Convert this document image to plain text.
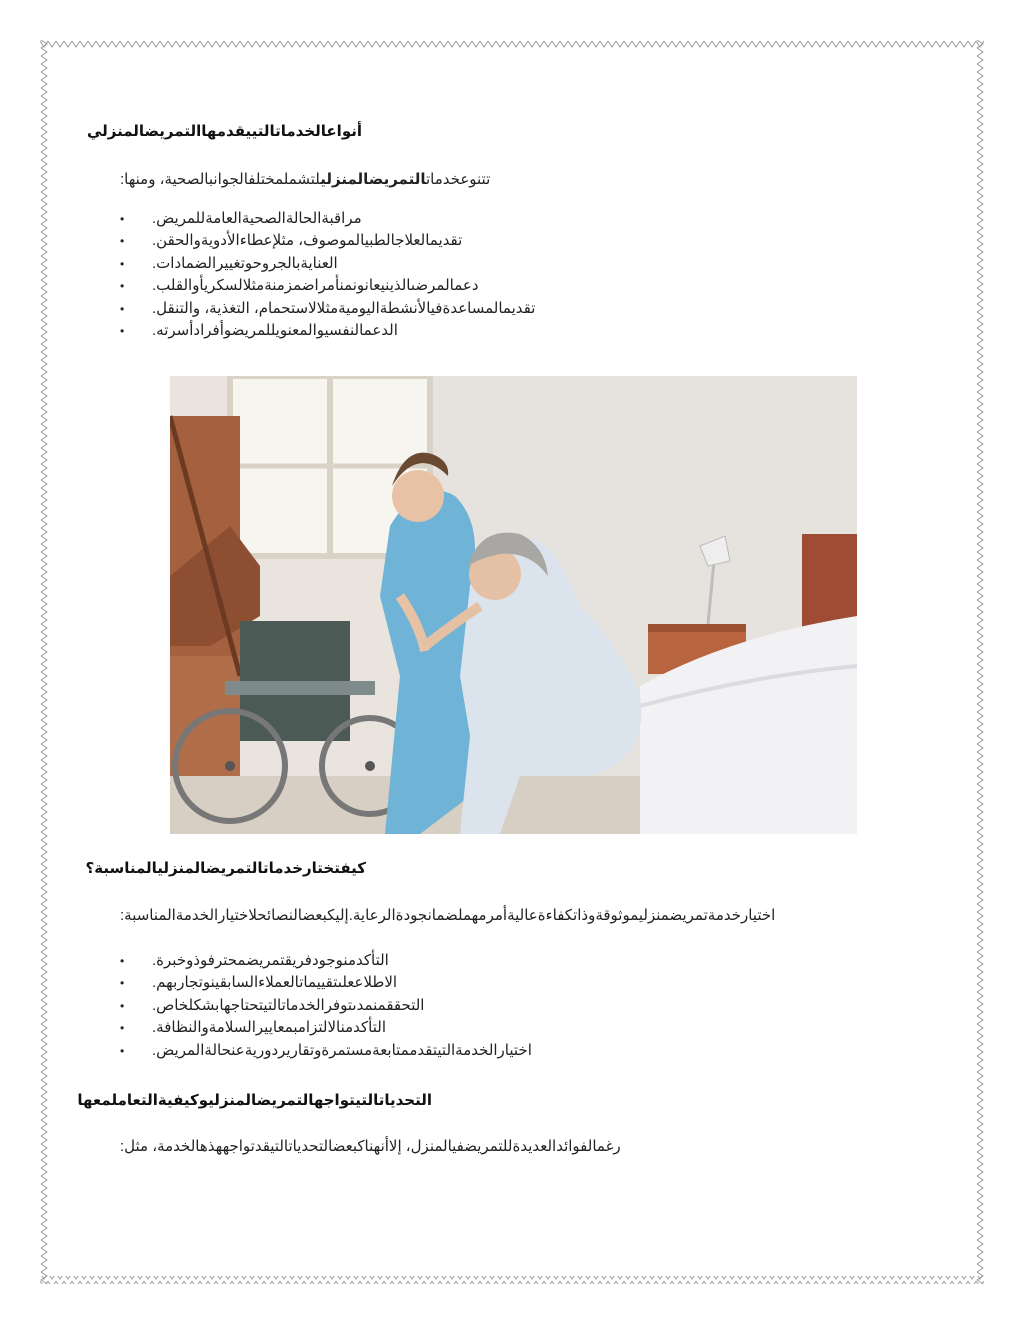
أنواعالخدماتالتييقدمهاالتمريضالمنزلي

تتنوعخدماتالتمريضالمنزليلتشملمختلفالجوانبالصحية، ومنها:

• مراقبةالحالةالصحيةالعامةللمريض.
• تقديمالعلاجالطبيالموصوف، مثلإعطاءالأدويةوالحقن.
• العنايةبالجروحوتغييرالضمادات.
• دعمالمرضىالذينيعانونمنأمراضمزمنةمثلالسكريأوالقلب.
• تقديمالمساعدةفيالأنشطةاليوميةمثلالاستحمام، التغذية، والتنقل.
• الدعمالنفسيوالمعنويللمريضوأفرادأسرته.
كيفتختارخدماتالتمريضالمنزليالمناسبة؟

اختيارخدمةتمريضمنزليموثوقةوذاتكفاءةعاليةأمرمهملضمانجودةالرعاية.إليكبعضالنصائحلاختيارالخدمةالمناسبة:

• التأكدمنوجودفريقتمريضمحترفوذوخبرة.
• الاطلاععلىتقييماتالعملاءالسابقينوتجاربهم.
• التحققمنمدىتوفرالخدماتالتيتحتاجهابشكلخاص.
• التأكدمنالالتزامبمعاييرالسلامةوالنظافة.
• اختيارالخدمةالتيتقدممتابعةمستمرةوتقاريردوريةعنحالةالمريض.
التحدياتالتيتواجهالتمريضالمنزليوكيفيةالتعاملمعها

رغمالفوائدالعديدةللتمريضفيالمنزل، إلاأنهناكبعضالتحدياتالتيقدتواجههذهالخدمة، مثل:
